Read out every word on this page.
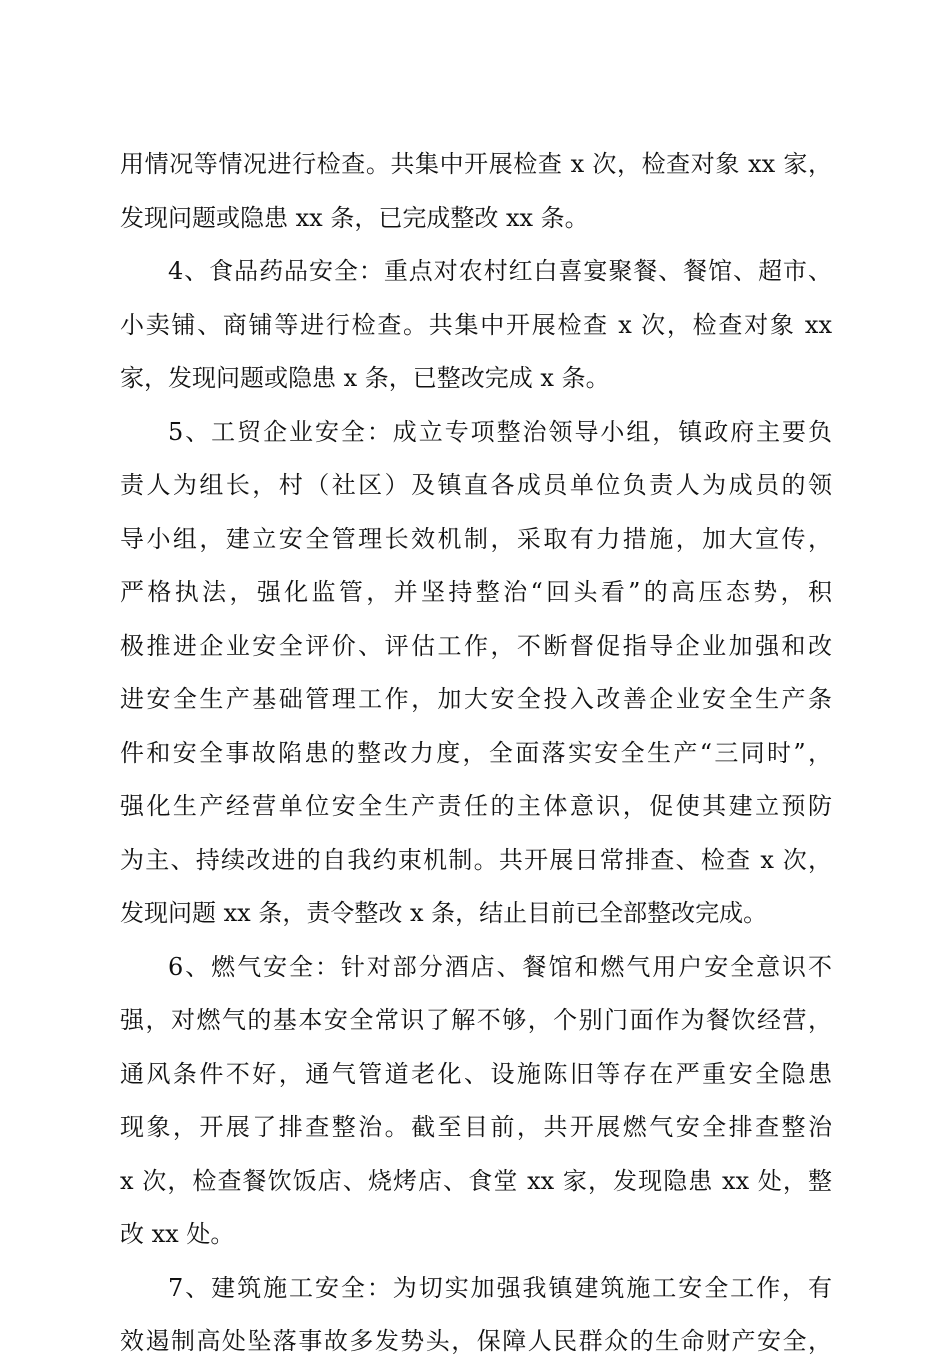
用情况等情况进行检查。共集中开展检查 x 次，检查对象 xx 家，
发现问题或隐患 xx 条，已完成整改 xx 条。
4、食品药品安全：重点对农村红白喜宴聚餐、餐馆、超市、
小卖铺、商铺等进行检查。共集中开展检查 x 次，检查对象 xx
家，发现问题或隐患 x 条，已整改完成 x 条。
5、工贸企业安全：成立专项整治领导小组，镇政府主要负
责人为组长，村（社区）及镇直各成员单位负责人为成员的领
导小组，建立安全管理长效机制，采取有力措施，加大宣传，
严格执法，强化监管，并坚持整治“回头看”的高压态势，积
极推进企业安全评价、评估工作，不断督促指导企业加强和改
进安全生产基础管理工作，加大安全投入改善企业安全生产条
件和安全事故陷患的整改力度，全面落实安全生产“三同时”，
强化生产经营单位安全生产责任的主体意识，促使其建立预防
为主、持续改进的自我约束机制。共开展日常排查、检查 x 次，
发现问题 xx 条，责令整改 x 条，结止目前已全部整改完成。
6、燃气安全：针对部分酒店、餐馆和燃气用户安全意识不
强，对燃气的基本安全常识了解不够，个别门面作为餐饮经营，
通风条件不好，通气管道老化、设施陈旧等存在严重安全隐患
现象，开展了排查整治。截至目前，共开展燃气安全排查整治
x 次，检查餐饮饭店、烧烤店、食堂 xx 家，发现隐患 xx 处，整
改 xx 处。
7、建筑施工安全：为切实加强我镇建筑施工安全工作，有
效遏制高处坠落事故多发势头，保障人民群众的生命财产安全，
